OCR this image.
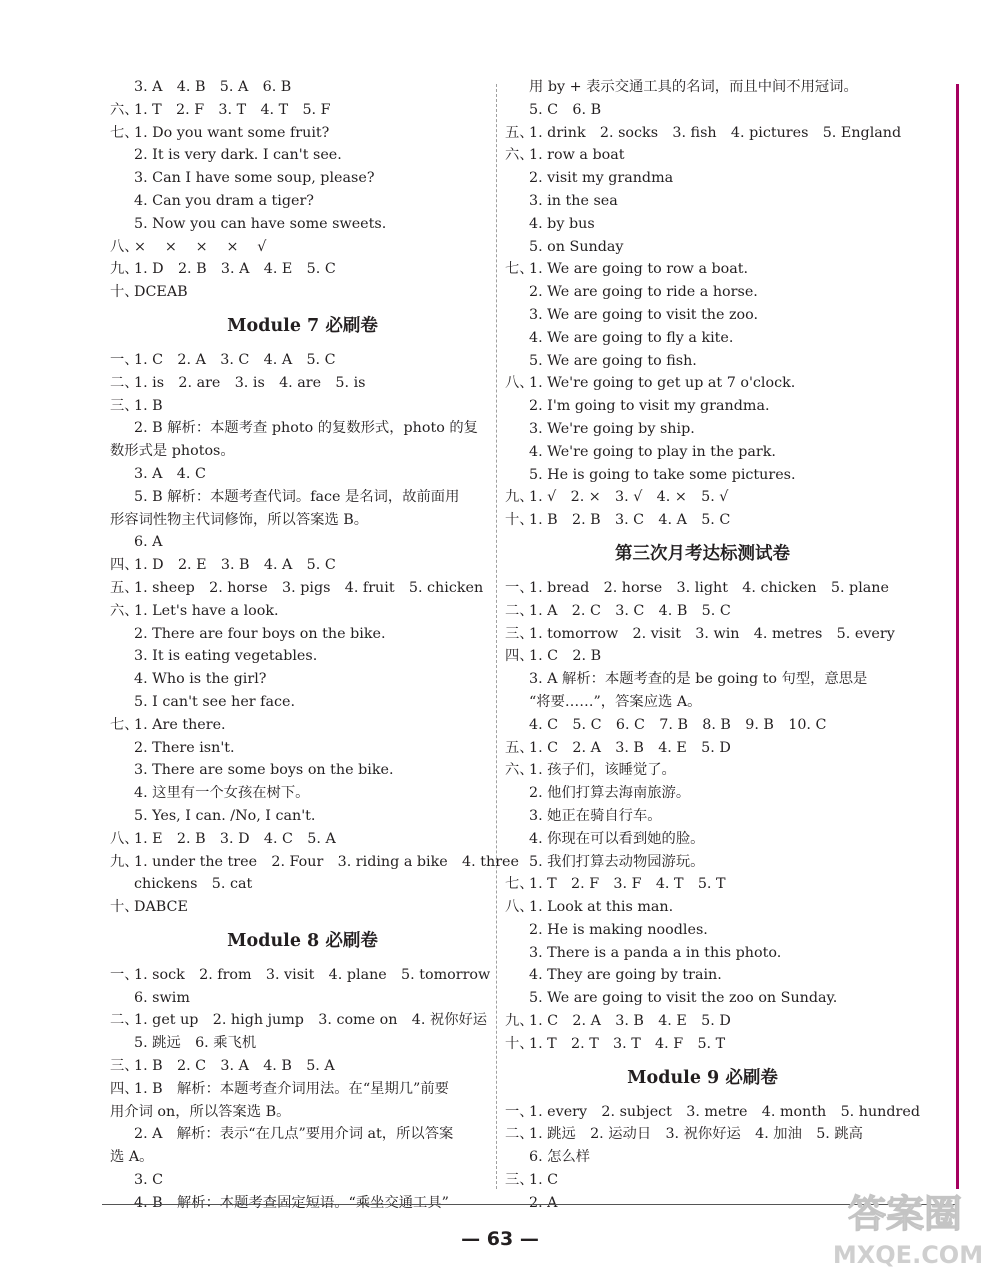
3. A　4. B　5. A　6. B
六、
1. T　2. F　3. T　4. T　5. F
七、
1. Do you want some fruit?
2. It is very dark. I can't see.
3. Can I have some soup, please?
4. Can you dram a tiger?
5. Now you can have some sweets.
八、
×　 ×　 ×　 ×　 √
九、
1. D　2. B　3. A　4. E　5. C
十、
DCEAB
Module 7 必刷卷
一、
1. C　2. A　3. C　4. A　5. C
二、
1. is　2. are　3. is　4. are　5. is
三、
1. B
2. B 解析：本题考查 photo 的复数形式，photo 的复
数形式是 photos。
3. A　4. C
5. B 解析：本题考查代词。face 是名词，故前面用
形容词性物主代词修饰，所以答案选 B。
6. A
四、
1. D　2. E　3. B　4. A　5. C
五、
1. sheep　2. horse　3. pigs　4. fruit　5. chicken
六、
1. Let's have a look.
2. There are four boys on the bike.
3. It is eating vegetables.
4. Who is the girl?
5. I can't see her face.
七、
1. Are there.
2. There isn't.
3. There are some boys on the bike.
4. 这里有一个女孩在树下。
5. Yes, I can. /No, I can't.
八、
1. E　2. B　3. D　4. C　5. A
九、
1. under the tree　2. Four　3. riding a bike　4. three
chickens　5. cat
十、
DABCE
Module 8 必刷卷
一、
1. sock　2. from　3. visit　4. plane　5. tomorrow
6. swim
二、
1. get up　2. high jump　3. come on　4. 祝你好运
5. 跳远　6. 乘飞机
三、
1. B　2. C　3. A　4. B　5. A
四、
1. B　解析：本题考查介词用法。在“星期几”前要
用介词 on，所以答案选 B。
2. A　解析：表示“在几点”要用介词 at，所以答案
选 A。
3. C
4. B　解析：本题考查固定短语。“乘坐交通工具”
用 by + 表示交通工具的名词，而且中间不用冠词。
5. C　6. B
五、
1. drink　2. socks　3. fish　4. pictures　5. England
六、
1. row a boat
2. visit my grandma
3. in the sea
4. by bus
5. on Sunday
七、
1. We are going to row a boat.
2. We are going to ride a horse.
3. We are going to visit the zoo.
4. We are going to fly a kite.
5. We are going to fish.
八、
1. We're going to get up at 7 o'clock.
2. I'm going to visit my grandma.
3. We're going by ship.
4. We're going to play in the park.
5. He is going to take some pictures.
九、
1. √　2. ×　3. √　4. ×　5. √
十、
1. B　2. B　3. C　4. A　5. C
第三次月考达标测试卷
一、
1. bread　2. horse　3. light　4. chicken　5. plane
二、
1. A　2. C　3. C　4. B　5. C
三、
1. tomorrow　2. visit　3. win　4. metres　5. every
四、
1. C　2. B
3. A 解析：本题考查的是 be going to 句型，意思是
“将要……”，答案应选 A。
4. C　5. C　6. C　7. B　8. B　9. B　10. C
五、
1. C　2. A　3. B　4. E　5. D
六、
1. 孩子们，该睡觉了。
2. 他们打算去海南旅游。
3. 她正在骑自行车。
4. 你现在可以看到她的脸。
5. 我们打算去动物园游玩。
七、
1. T　2. F　3. F　4. T　5. T
八、
1. Look at this man.
2. He is making noodles.
3. There is a panda a in this photo.
4. They are going by train.
5. We are going to visit the zoo on Sunday.
九、
1. C　2. A　3. B　4. E　5. D
十、
1. T　2. T　3. T　4. F　5. T
Module 9 必刷卷
一、
1. every　2. subject　3. metre　4. month　5. hundred
二、
1. 跳远　2. 运动日　3. 祝你好运　4. 加油　5. 跳高
6. 怎么样
三、
1. C
2. A
— 63 —
答案圈
MXQE.COM
